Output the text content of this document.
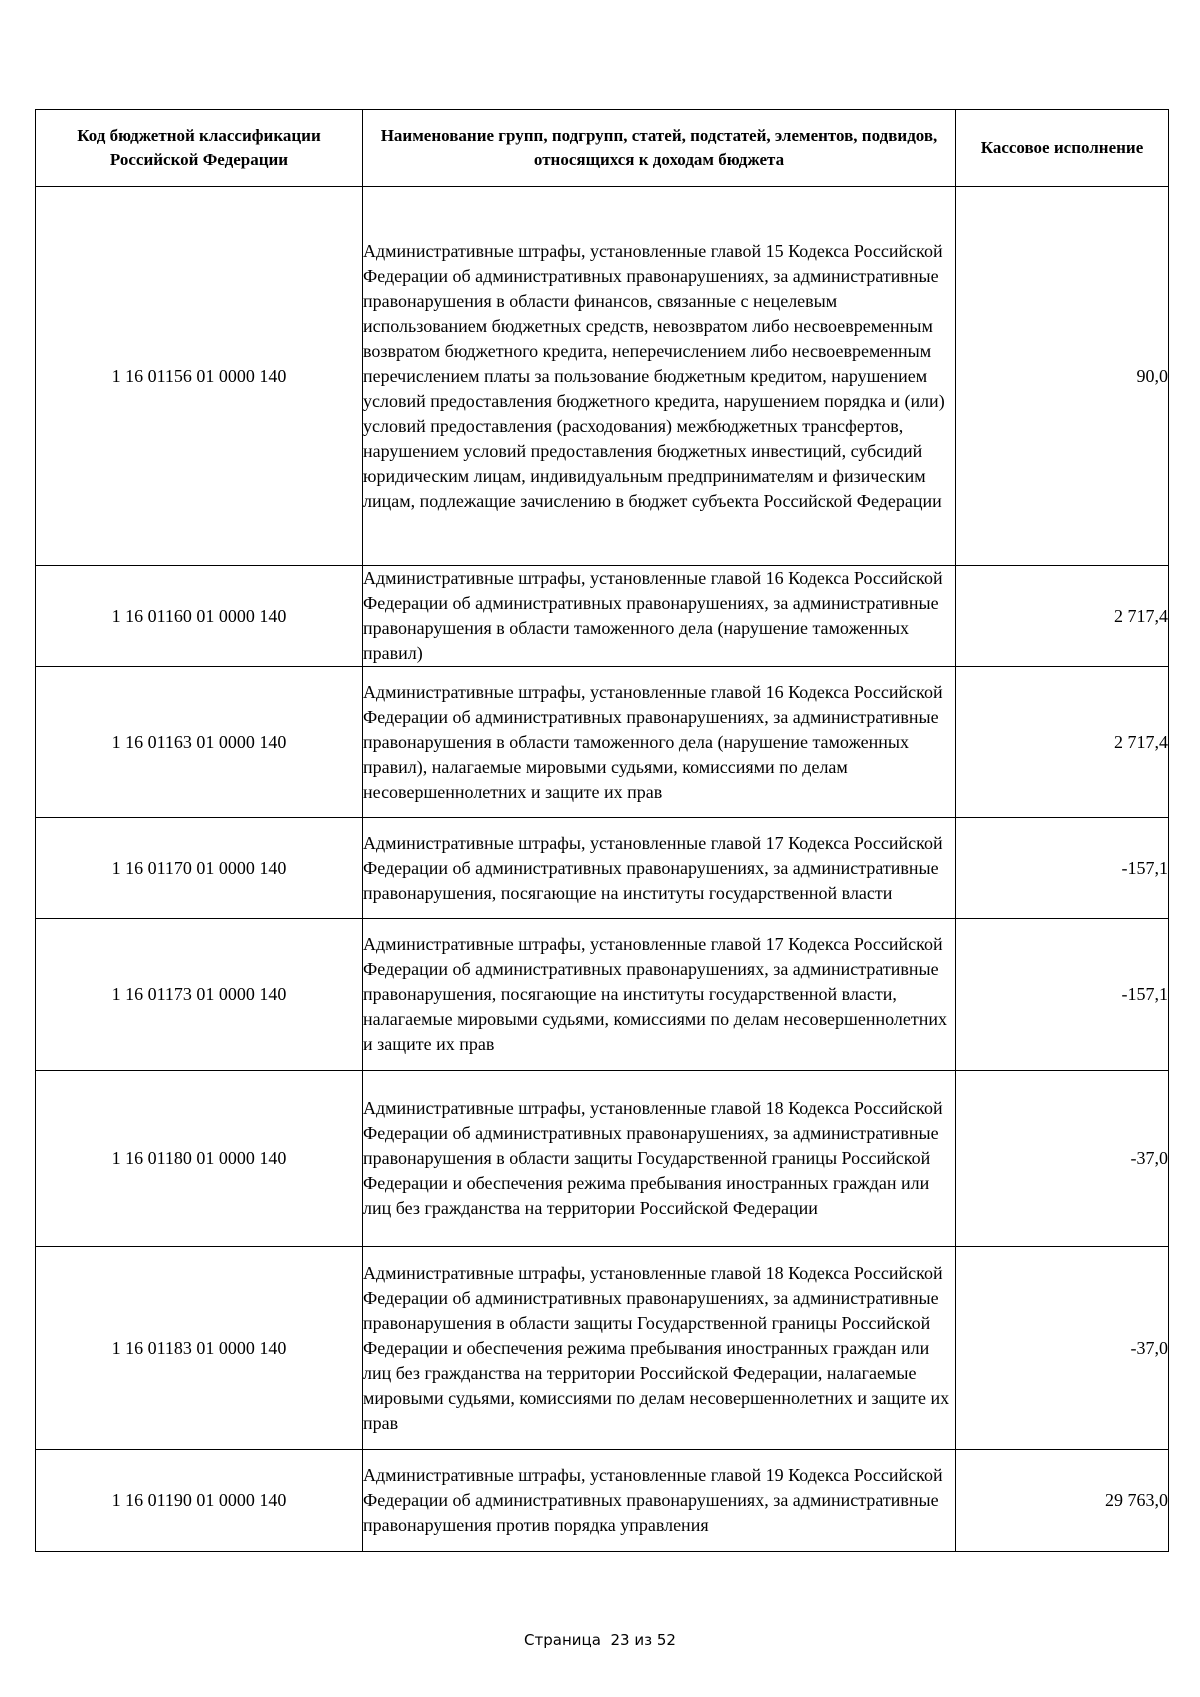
Код бюджетной классификации Российской Федерации	Наименование групп, подгрупп, статей, подстатей, элементов, подвидов, относящихся к доходам бюджета	Кассовое исполнение
1 16 01156 01 0000 140	Административные штрафы, установленные главой 15 Кодекса Российской Федерации об административных правонарушениях, за административные правонарушения в области финансов, связанные с нецелевым использованием бюджетных средств, невозвратом либо несвоевременным возвратом бюджетного кредита, неперечислением либо несвоевременным перечислением платы за пользование бюджетным кредитом, нарушением условий предоставления бюджетного кредита, нарушением порядка и (или) условий предоставления (расходования) межбюджетных трансфертов, нарушением условий предоставления бюджетных инвестиций, субсидий юридическим лицам, индивидуальным предпринимателям и физическим лицам, подлежащие зачислению в бюджет субъекта Российской Федерации	90,0
1 16 01160 01 0000 140	Административные штрафы, установленные главой 16 Кодекса Российской Федерации об административных правонарушениях, за административные правонарушения в области таможенного дела (нарушение таможенных правил)	2 717,4
1 16 01163 01 0000 140	Административные штрафы, установленные главой 16 Кодекса Российской Федерации об административных правонарушениях, за административные правонарушения в области таможенного дела (нарушение таможенных правил), налагаемые мировыми судьями, комиссиями по делам несовершеннолетних и защите их прав	2 717,4
1 16 01170 01 0000 140	Административные штрафы, установленные главой 17 Кодекса Российской Федерации об административных правонарушениях, за административные правонарушения, посягающие на институты государственной власти	-157,1
1 16 01173 01 0000 140	Административные штрафы, установленные главой 17 Кодекса Российской Федерации об административных правонарушениях, за административные правонарушения, посягающие на институты государственной власти, налагаемые мировыми судьями, комиссиями по делам несовершеннолетних и защите их прав	-157,1
1 16 01180 01 0000 140	Административные штрафы, установленные главой 18 Кодекса Российской Федерации об административных правонарушениях, за административные правонарушения в области защиты Государственной границы Российской Федерации и обеспечения режима пребывания иностранных граждан или лиц без гражданства на территории Российской Федерации	-37,0
1 16 01183 01 0000 140	Административные штрафы, установленные главой 18 Кодекса Российской Федерации об административных правонарушениях, за административные правонарушения в области защиты Государственной границы Российской Федерации и обеспечения режима пребывания иностранных граждан или лиц без гражданства на территории Российской Федерации, налагаемые мировыми судьями, комиссиями по делам несовершеннолетних и защите их прав	-37,0
1 16 01190 01 0000 140	Административные штрафы, установленные главой 19 Кодекса Российской Федерации об административных правонарушениях, за административные правонарушения против порядка управления	29 763,0
Страница 23 из 52
